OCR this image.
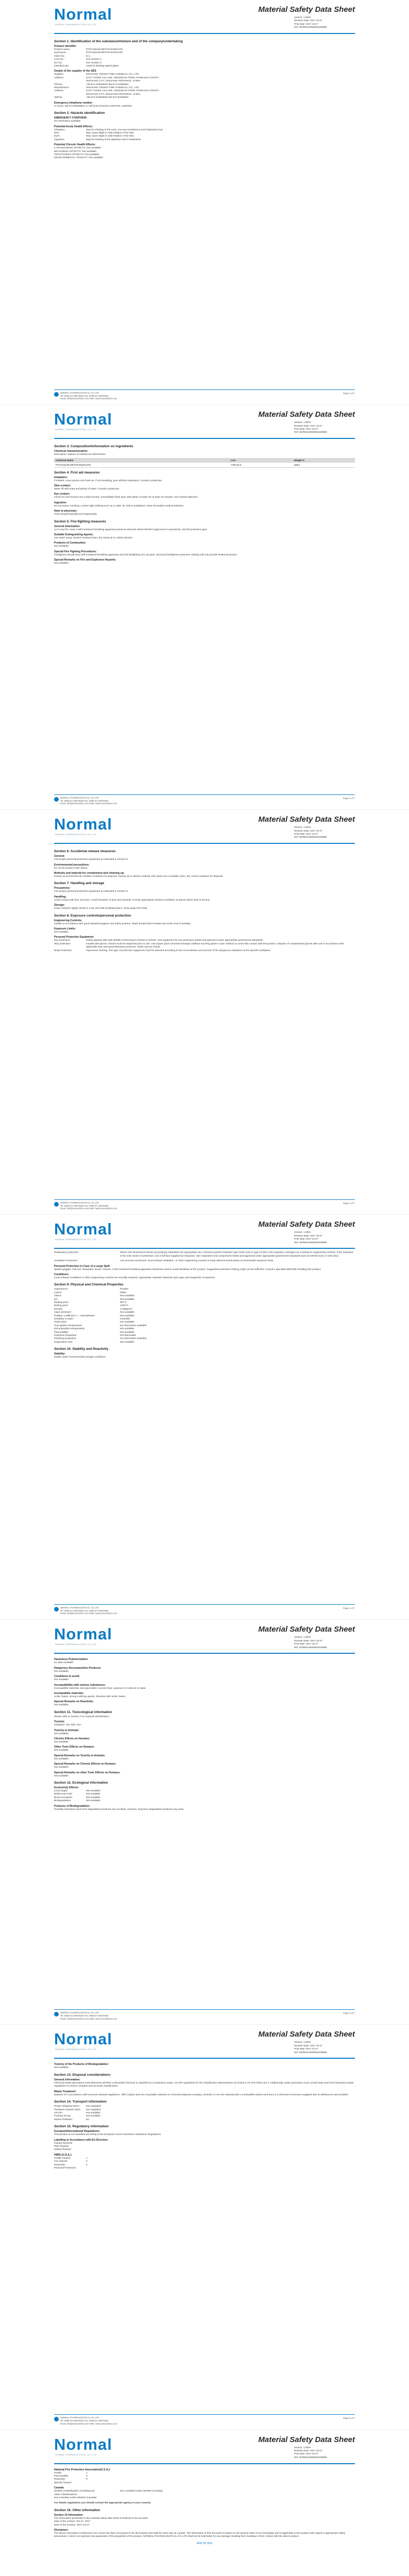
Normal
NORMAL PHARMACEUTICAL CO.,LTD
Material Safety Data Sheet
Version: 1.0/EN
Revision Date: 2017-10-27
Print Date: 2017-10-27
Ref: NORMCHEM/MSDS/9999
Section 1. Identification of the substance/mixture and of the company/undertaking
Product identifier
Product name:	POTASSIUM METAPHOSPHATE
Synonyms:	POTASSIUM METAPHOSPHATE
Index-No.:	N.A.
CAS-No.:	See Section 3
EC-No.:	See Section 3
Intended use:	Used for Binding optical glass
Details of the supplier of the SDS
Supplier:	ZHEJIANG YIBANG FINE CHEMICAL CO., LTD
Address:	EAST TANGE VILLAGE, HENGDIAN TOWN, PANSHAN COUNTY
ZHEJIANG CITY, ZHEJIANG PROVINCE, CHINA
Tel/Fax:	+86-574-87655560/+86-574-87655561
Manufacturer:	ZHEJIANG YIBANG FINE CHEMICAL CO., LTD
Address:	EAST TANGE VILLAGE, HENGDIAN TOWN, PANSHAN COUNTY
ZHEJIANG CITY, ZHEJIANG PROVINCE, CHINA
Tel/Fax:	+86-574-87655560/+86-574-87655561
Emergency telephone number
In China +86-574-86608651 or call local POISON CONTROL CENTER
Section 2. Hazards identification
EMERGENCY OVERVIEW:
No information available.
Potential Acute Health Effects:
Inhalation:	May be irritating to the nose, mucous membranes and respiratory tract
Skin:	May cause slight to mild irritation of the skin.
Eyes:	May cause slight to mild irritation of the skin.
Ingestion:	May be irritating to the digestive tract if swallowed.
Potential Chronic Health Effects:
CARCINOGENIC EFFECTS: Not available.
MUTAGENIC EFFECTS: Not available.
TERATOGENIC EFFECTS: Not available.
DEVELOPMENTAL TOXICITY: Not available.
NORMAL PHARMACEUTICAL CO.,LTD
Tel: 0086-571-86676926 Fax: 0086-571-86676926
Email: info@normalchem.com Web: www.normalchem.com
Page 1 of 7
Normal
NORMAL PHARMACEUTICAL CO.,LTD
Material Safety Data Sheet
Version: 1.0/EN
Revision Date: 2017-10-27
Print Date: 2017-10-27
Ref: NORMCHEM/MSDS/9999
Section 3. Composition/information on ingredients
Chemical characterization:
Description: Mixture of substances listed below
Chemical Name	CAS	Weight %
POTASSIUM METAPHOSPHATE	7790-53-6	≥98.0
Section 4. First aid measures
Inhalation:
If inhaled, move person into fresh air. If not breathing, give artificial respiration. Consult a physician.
Skin contact:
Wash off with soap and plenty of water. Consult a physician.
Eye contact:
Check for and remove any contact lenses. Immediately flush eyes with plenty of water for at least 15 minutes. Get medical attention.
Ingestion:
Do not induce vomiting. Loosen tight clothing such as a collar, tie, belt or waistband. Seek immediate medical attention.
Note to physician:
Treat symptomatically and supportively.
Section 5. Fire-fighting measures
General information:
As in any fire, wear a self-contained breathing apparatus pressure-demand, MSHA/NIOSH (approved or equivalent), and full protective gear.
Suitable Extinguishing Agents:
Use water spray, alcohol-resistant foam, dry chemical or carbon dioxide.
Products of Combustion:
Not available.
Special Fire Fighting Procedures:
Firefighters should wear self-contained breathing apparatus and full firefighting turn-out gear. Structural firefighters protective clothing will only provide limited protection.
Special Remarks on Fire and Explosion Hazards:
Not available.
NORMAL PHARMACEUTICAL CO.,LTD
Tel: 0086-571-86676926 Fax: 0086-571-86676926
Email: info@normalchem.com Web: www.normalchem.com
Page 2 of 7
Normal
NORMAL PHARMACEUTICAL CO.,LTD
Material Safety Data Sheet
Version: 1.0/EN
Revision Date: 2017-10-27
Print Date: 2017-10-27
Ref: NORMCHEM/MSDS/9999
Section 6. Accidental release measures
General:
Use proper personal protective equipment as indicated in Section 8.
Environmental precautions:
Do not let product enter drains.
Methods and material for containment and cleaning up:
Sweep up and shovel into suitable containers for disposal. Sweep up or absorb material, then place into a suitable clean, dry, closed container for disposal.
Section 7. Handling and storage
Precautions:
Use proper personal protective equipment as indicated in Section 8.
Handling:
Avoid contact with skin and eyes. Avoid formation of dust and aerosols. Provide appropriate exhaust ventilation at places where dust is formed.
Storage:
Keep container tightly closed in a dry and well-ventilated place. Keep away from heat.
Section 8. Exposure controls/personal protection
Engineering Controls:
Handle in accordance with good industrial hygiene and safety practice. Wash hands before breaks and at the end of workday.
Exposure Limits:
Not available.
Personal Protective Equipment
Eye protection:	Safety glasses with side-shields conforming to EN166 or NIOSH. Use equipment for eye protection tested and approved under appropriate government standards.
Skin protection:	Handle with gloves. Gloves must be inspected prior to use. Use proper glove removal technique (without touching glove's outer surface) to avoid skin contact with this product. Dispose of contaminated gloves after use in accordance with applicable laws and good laboratory practices. Wash and dry hands.
Body Protection:	Impervious clothing. The type of protective equipment must be selected according to the concentration and amount of the dangerous substance at the specific workplace.
NORMAL PHARMACEUTICAL CO.,LTD
Tel: 0086-571-86676926 Fax: 0086-571-86676926
Email: info@normalchem.com Web: www.normalchem.com
Page 3 of 7
Normal
NORMAL PHARMACEUTICAL CO.,LTD
Material Safety Data Sheet
Version: 1.0/EN
Revision Date: 2017-10-27
Print Date: 2017-10-27
Ref: NORMCHEM/MSDS/9999
Respiratory protection:	Where risk assessment shows air-purifying respirators are appropriate use a full-face particle respirator type N100 (US) or type P3 (EN 143) respirator cartridges as a backup to engineering controls. If the respirator is the sole means of protection, use a full-face supplied air respirator. Use respirators and components tested and approved under appropriate government standards such as NIOSH (US) or CEN (EU).
Ventilation Protection:	Use process enclosures, local exhaust ventilation, or other engineering controls to keep airborne levels below recommended exposure limits.
Personal Protection in Case of a Large Spill:
Splash goggles. Full suit. Respirator. Boots. Gloves. A self contained breathing apparatus should be used to avoid inhalation of the product. Suggested protective clothing might not be sufficient; consult a specialist BEFORE handling this product.
Conditions:
Local exhaust ventilation or other engineering controls are normally required. Appropriate respirator depends upon type and magnitude of exposure.
Section 9. Physical and Chemical Properties
Appearance:	Powder
Colour:	White
Odour:	Not available
pH:	Not available
Melting point:	807°C
Boiling point:	1320°C
Density:	2.258g/cm³
Vapor pressure:	Not available
Partition coefficient: n - octanol/water:	Not available
Solubility in water:	Insoluble
Flash point:	Not available
Auto-ignition temperature:	No information available
Decomposition temperature:	Not available
Flammability:	Not available
Explosive properties:	Not flammable
Oxidizing properties:	No information available
Evaporation rate:	Not available
Section 10. Stability and Reactivity
Stability:
Stable under recommended storage conditions.
NORMAL PHARMACEUTICAL CO.,LTD
Tel: 0086-571-86676926 Fax: 0086-571-86676926
Email: info@normalchem.com Web: www.normalchem.com
Page 4 of 7
Normal
NORMAL PHARMACEUTICAL CO.,LTD
Material Safety Data Sheet
Version: 1.0/EN
Revision Date: 2017-10-27
Print Date: 2017-10-27
Ref: NORMCHEM/MSDS/9999
Hazardous Polymerization:
No data available.
Dangerous Decomposition Products:
Not available.
Conditions to avoid:
Not available.
Incompatibility with various substances:
Incompatible materials, dust generation, excess heat, exposure to moist air or water.
Incompatible materials:
Acids, bases, strong oxidizing agents. Reactive with acids, bases.
Special Remarks on Reactivity:
Not available.
Section 11. Toxicological information
Please refer to Section 2 for Hazards identification.
Toxicity:
Inhalation: N/A Skin: N/A
Toxicity to Animals:
Not available.
Chronic Effects on Humans:
Not available.
Other Toxic Effects on Humans:
Not available.
Special Remarks on Toxicity to Animals:
Not available.
Special Remarks on Chronic Effects on Humans:
Not available.
Special Remarks on other Toxic Effects on Humans:
Not available.
Section 12. Ecological information
Ecotoxicity Effects:
LC50 (mg/l):	Not available
BOD5 and COD:	Not available
Bioaccumulation:	Not available
Biodegradation:	Not available
Products of Biodegradation:
Possibly hazardous short term degradation products are not likely. However, long term degradation products may arise.
NORMAL PHARMACEUTICAL CO.,LTD
Tel: 0086-571-86676926 Fax: 0086-571-86676926
Email: info@normalchem.com Web: www.normalchem.com
Page 5 of 7
Normal
NORMAL PHARMACEUTICAL CO.,LTD
Material Safety Data Sheet
Version: 1.0/EN
Revision Date: 2017-10-27
Print Date: 2017-10-27
Ref: NORMCHEM/MSDS/9999
Toxicity of the Products of Biodegradation:
Not available.
Section 13. Disposal considerations
General information:
Chemical waste generators must determine whether a discarded chemical is classified as a hazardous waste. US EPA guidelines for the classification determination are listed in 40 CFR Parts 261.3. Additionally, waste generators must consult state and local hazardous waste regulations to ensure complete and accurate classification.
Waste Treatment:
Dispose of in accordance with local and national regulations. Offer surplus and non-recyclable solutions to a licensed disposal company. Dissolve or mix the material with a combustible solvent and burn in a chemical incinerator equipped with an afterburner and scrubber.
Section 14. Transport information
Proper Shipping Name:	Not regulated
Transport Hazard Class:	Not regulated
UN NO.:	Not available
Packing Group:	Not available
Marine Pollutant:	No
Section 15. Regulatory information
European/International Regulations:
This product is not classified according to the European Union Hazardous Substance Regulations.
Labelling in Accordance with EU Directive:
Hazard Symbols:
Risk Phrases:
Safety Phrases:
HMIS (U.S.A.):
Health Hazard:	1
Fire Hazard:	0
Reactivity:	0
Personal Protection:
NORMAL PHARMACEUTICAL CO.,LTD
Tel: 0086-571-86676926 Fax: 0086-571-86676926
Email: info@normalchem.com Web: www.normalchem.com
Page 6 of 7
Normal
NORMAL PHARMACEUTICAL CO.,LTD
Material Safety Data Sheet
Version: 1.0/EN
Revision Date: 2017-10-27
Print Date: 2017-10-27
Ref: NORMCHEM/MSDS/9999
National Fire Protection Association(U.S.A.):
Health:	1
Flammability:	0
Reactivity:	0
Specific hazard:
Canada
WHMIS (Classification of Substance)	Not controlled under WHMIS (Canada).
Other Classifications:
Not controlled under WHMIS (Canada)
For details regulations you should contact the appropriate agency in your country.
Section 16. Other information
Section 16 Information
The information presented in this material safety data sheet is believed to be accurate.
Date of the version: Oct.27, 2017
Date of the revision: 2017-10-27
Disclaimer:
The above information is believed to be correct but does not purport to be all inclusive and shall be used only as a guide. The information in this document is based on the present state of our knowledge and is applicable to the product with regard to appropriate safety precautions. It does not represent any guarantee of the properties of the product. NORMAL PHARMACEUTICAL CO.,LTD shall not be held liable for any damage resulting from handling or from contact with the above product.
END OF SDS
